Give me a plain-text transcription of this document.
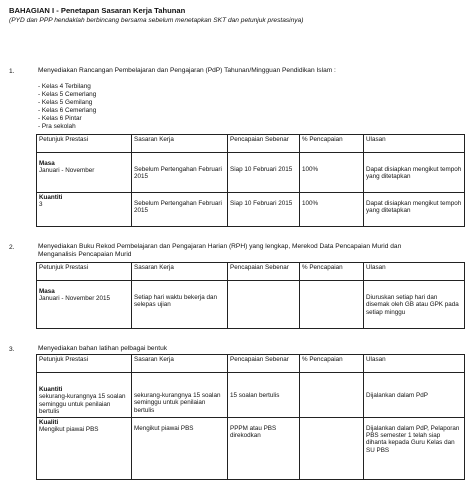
BAHAGIAN I - Penetapan Sasaran Kerja Tahunan
(PYD dan PPP hendaklah berbincang bersama sebelum menetapkan SKT dan petunjuk prestasinya)
1.	Menyediakan Rancangan Pembelajaran dan Pengajaran (PdP) Tahunan/Mingguan Pendidikan Islam :
- Kelas 4 Terbilang
- Kelas 5 Cemerlang
- Kelas 5 Gemilang
- Kelas 6 Cemerlang
- Kelas 6 Pintar
- Pra sekolah
Petunjuk Prestasi	Sasaran Kerja	Pencapaian Sebenar	% Pencapaian	Ulasan

Masa
Januari - November	Sebelum Pertengahan Februari 2015	Siap 10 Februari 2015	100%	Dapat disiapkan mengikut tempoh yang ditetapkan

Kuantiti
3	Sebelum Pertengahan Februari 2015	Siap 10 Februari 2015	100%	Dapat disiapkan mengikut tempoh yang ditetapkan
2.	Menyediakan Buku Rekod Pembelajaran dan Pengajaran Harian (RPH) yang lengkap, Merekod Data Pencapaian Murid dan
Menganalisis Pencapaian Murid
Petunjuk Prestasi	Sasaran Kerja	Pencapaian Sebenar	% Pencapaian	Ulasan

Masa
Januari - November 2015	Setiap hari waktu bekerja dan selepas ujian			Diuruskan setiap hari dan disemak oleh GB atau GPK pada setiap minggu
3.	Menyediakan bahan latihan pelbagai bentuk
Petunjuk Prestasi	Sasaran Kerja	Pencapaian Sebenar	% Pencapaian	Ulasan

Kuantiti
sekurang-kurangnya 15 soalan seminggu untuk penilaian bertulis	sekurang-kurangnya 15 soalan seminggu untuk penilaian bertulis	15 soalan bertulis		Dijalankan dalam PdP

Kualiti
Mengikut piawai PBS	Mengikut piawai PBS	PPPM atau PBS direkodkan		Dijalankan dalam PdP, Pelaporan PBS semester 1 telah siap dihanta kepada Guru Kelas dan SU PBS
